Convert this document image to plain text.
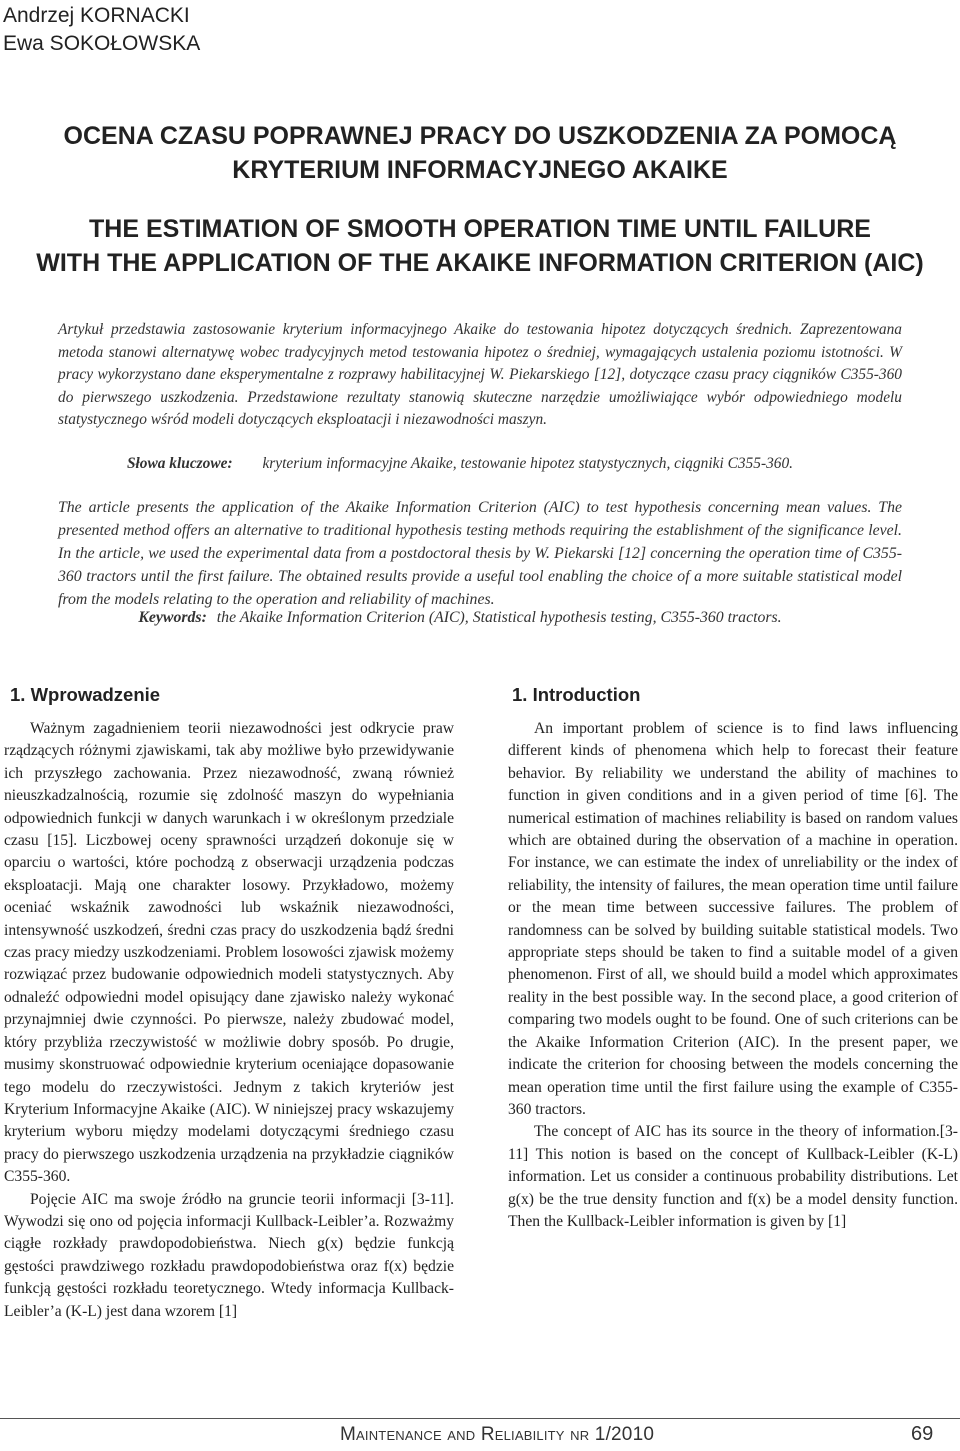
Andrzej KORNACKI
Ewa SOKOŁOWSKA
OCENA CZASU POPRAWNEJ PRACY DO USZKODZENIA ZA POMOCĄ
KRYTERIUM INFORMACYJNEGO AKAIKE
THE ESTIMATION OF SMOOTH OPERATION TIME UNTIL FAILURE
WITH THE APPLICATION OF THE AKAIKE INFORMATION CRITERION (AIC)

Artykuł przedstawia zastosowanie kryterium informacyjnego Akaike do testowania hipotez dotyczących średnich. Zaprezentowana metoda stanowi alternatywę wobec tradycyjnych metod testowania hipotez o średniej, wymagających ustalenia poziomu istotności. W pracy wykorzystano dane eksperymentalne z rozprawy habilitacyjnej W. Piekarskiego [12], dotyczące czasu pracy ciągników C355-360 do pierwszego uszkodzenia. Przedstawione rezultaty stanowią skuteczne narzędzie umożliwiające wybór odpowiedniego modelu statystycznego wśród modeli dotyczących eksploatacji i niezawodności maszyn.

Słowa kluczowe: kryterium informacyjne Akaike, testowanie hipotez statystycznych, ciągniki C355-360.

The article presents the application of the Akaike Information Criterion (AIC) to test hypothesis concerning mean values. The presented method offers an alternative to traditional hypothesis testing methods requiring the establishment of the significance level. In the article, we used the experimental data from a postdoctoral thesis by W. Piekarski [12] concerning the operation time of C355-360 tractors until the first failure. The obtained results provide a useful tool enabling the choice of a more suitable statistical model from the models relating to the operation and reliability of machines.

Keywords: the Akaike Information Criterion (AIC), Statistical hypothesis testing, C355-360 tractors.

1. Wprowadzenie	1. Introduction

Ważnym zagadnieniem teorii niezawodności jest odkrycie praw rządzących różnymi zjawiskami, tak aby możliwe było przewidywanie ich przyszłego zachowania. Przez niezawodność, zwaną również nieuszkadzalnością, rozumie się zdolność maszyn do wypełniania odpowiednich funkcji w danych warunkach i w określonym przedziale czasu [15]. Liczbowej oceny sprawności urządzeń dokonuje się w oparciu o wartości, które pochodzą z obserwacji urządzenia podczas eksploatacji. Mają one charakter losowy. Przykładowo, możemy oceniać wskaźnik zawodności lub wskaźnik niezawodności, intensywność uszkodzeń, średni czas pracy do uszkodzenia bądź średni czas pracy miedzy uszkodzeniami. Problem losowości zjawisk możemy rozwiązać przez budowanie odpowiednich modeli statystycznych. Aby odnaleźć odpowiedni model opisujący dane zjawisko należy wykonać przynajmniej dwie czynności. Po pierwsze, należy zbudować model, który przybliża rzeczywistość w możliwie dobry sposób. Po drugie, musimy skonstruować odpowiednie kryterium oceniające dopasowanie tego modelu do rzeczywistości. Jednym z takich kryteriów jest Kryterium Informacyjne Akaike (AIC). W niniejszej pracy wskazujemy kryterium wyboru między modelami dotyczącymi średniego czasu pracy do pierwszego uszkodzenia urządzenia na przykładzie ciągników C355-360.

Pojęcie AIC ma swoje źródło na gruncie teorii informacji [3-11]. Wywodzi się ono od pojęcia informacji Kullback-Leibler’a. Rozważmy ciągłe rozkłady prawdopodobieństwa. Niech g(x) będzie funkcją gęstości prawdziwego rozkładu prawdopodobieństwa oraz f(x) będzie funkcją gęstości rozkładu teoretycznego. Wtedy informacja Kullback-Leibler’a (K-L) jest dana wzorem [1]

An important problem of science is to find laws influencing different kinds of phenomena which help to forecast their feature behavior. By reliability we understand the ability of machines to function in given conditions and in a given period of time [6]. The numerical estimation of machines reliability is based on random values which are obtained during the observation of a machine in operation. For instance, we can estimate the index of unreliability or the index of reliability, the intensity of failures, the mean operation time until failure or the mean time between successive failures. The problem of randomness can be solved by building suitable statistical models. Two appropriate steps should be taken to find a suitable model of a given phenomenon. First of all, we should build a model which approximates reality in the best possible way. In the second place, a good criterion of comparing two models ought to be found. One of such criterions can be the Akaike Information Criterion (AIC). In the present paper, we indicate the criterion for choosing between the models concerning the mean operation time until the first failure using the example of C355-360 tractors.

The concept of AIC has its source in the theory of information.[3-11] This notion is based on the concept of Kullback-Leibler (K-L) information. Let us consider a continuous probability distributions. Let g(x) be the true density function and f(x) be a model density function. Then the Kullback-Leibler information is given by [1]

Maintenance and Reliability nr 1/2010	69
